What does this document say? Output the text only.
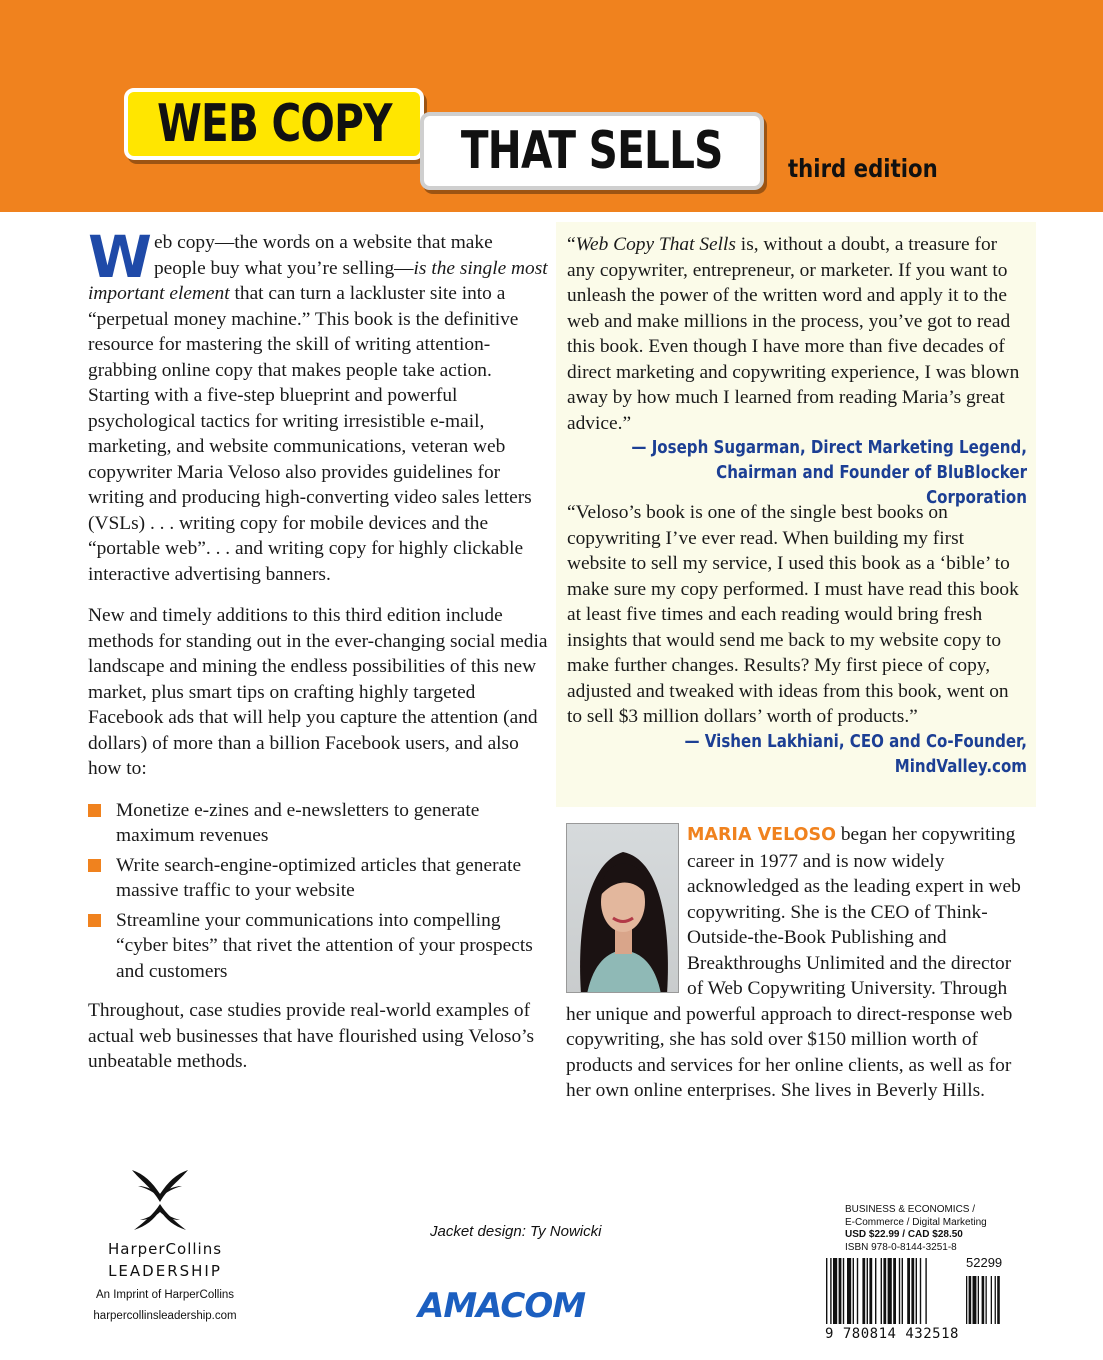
WEB COPY THAT SELLS	third edition

Web copy—the words on a website that make people buy what you’re selling—is the single most important element that can turn a lackluster site into a “perpetual money machine.” This book is the definitive resource for mastering the skill of writing attention-grabbing online copy that makes people take action. Starting with a five-step blueprint and powerful psychological tactics for writing irresistible e-mail, marketing, and website communications, veteran web copywriter Maria Veloso also provides guidelines for writing and producing high-converting video sales letters (VSLs) . . . writing copy for mobile devices and the “portable web”. . . and writing copy for highly clickable interactive advertising banners.

New and timely additions to this third edition include methods for standing out in the ever-changing social media landscape and mining the endless possibilities of this new market, plus smart tips on crafting highly targeted Facebook ads that will help you capture the attention (and dollars) of more than a billion Facebook users, and also how to:

Monetize e-zines and e-newsletters to generate maximum revenues
Write search-engine-optimized articles that generate massive traffic to your website
Streamline your communications into compelling “cyber bites” that rivet the attention of your prospects and customers

Throughout, case studies provide real-world examples of actual web businesses that have flourished using Veloso’s unbeatable methods.

“Web Copy That Sells is, without a doubt, a treasure for any copywriter, entrepreneur, or marketer. If you want to unleash the power of the written word and apply it to the web and make millions in the process, you’ve got to read this book. Even though I have more than five decades of direct marketing and copywriting experience, I was blown away by how much I learned from reading Maria’s great advice.”

— Joseph Sugarman, Direct Marketing Legend,
Chairman and Founder of BluBlocker Corporation

“Veloso’s book is one of the single best books on copywriting I’ve ever read. When building my first website to sell my service, I used this book as a ‘bible’ to make sure my copy performed. I must have read this book at least five times and each reading would bring fresh insights that would send me back to my website copy to make further changes. Results? My first piece of copy, adjusted and tweaked with ideas from this book, went on to sell $3 million dollars’ worth of products.”

— Vishen Lakhiani, CEO and Co-Founder,
MindValley.com
MARIA VELOSO began her copywriting career in 1977 and is now widely acknowledged as the leading expert in web copywriting. She is the CEO of Think-Outside-the-Book Publishing and Breakthroughs Unlimited and the director of Web Copywriting University. Through her unique and powerful approach to direct-response web copywriting, she has sold over $150 million worth of products and services for her online clients, as well as for her own online enterprises. She lives in Beverly Hills.
HarperCollins
LEADERSHIP
An Imprint of HarperCollins
harpercollinsleadership.com
Jacket design: Ty Nowicki
AMACOM
BUSINESS & ECONOMICS /
E-Commerce / Digital Marketing
USD $22.99 / CAD $28.50
ISBN 978-0-8144-3251-8
52299
9 780814 432518
